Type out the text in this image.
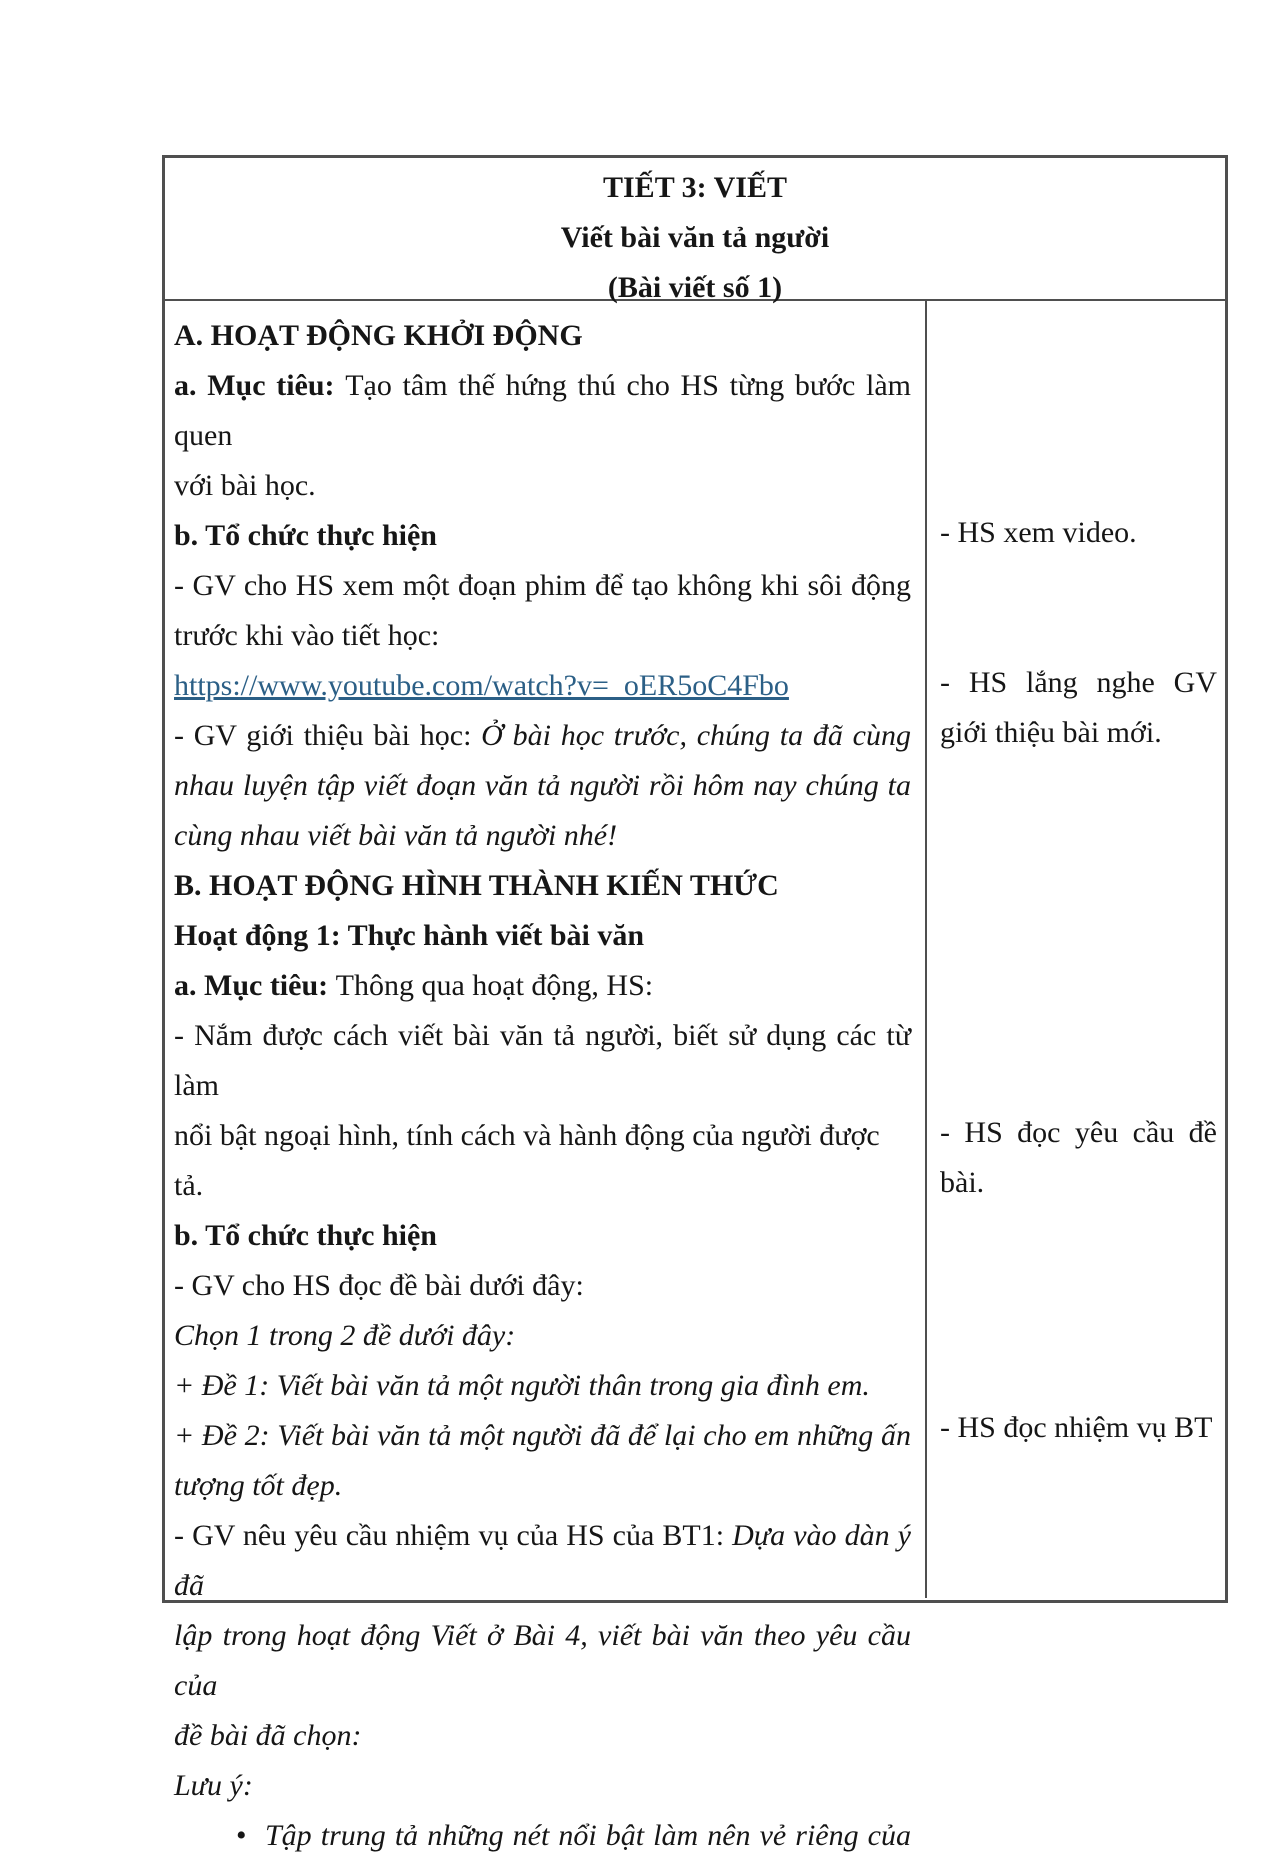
TIẾT 3: VIẾT
Viết bài văn tả người
(Bài viết số 1)
A. HOẠT ĐỘNG KHỞI ĐỘNG
a. Mục tiêu: Tạo tâm thế hứng thú cho HS từng bước làm quen
với bài học.
b. Tổ chức thực hiện
- GV cho HS xem một đoạn phim để tạo không khi sôi động
trước khi vào tiết học:
https://www.youtube.com/watch?v=_oER5oC4Fbo
- GV giới thiệu bài học: Ở bài học trước, chúng ta đã cùng
nhau luyện tập viết đoạn văn tả người rồi hôm nay chúng ta
cùng nhau viết bài văn tả người nhé!
B. HOẠT ĐỘNG HÌNH THÀNH KIẾN THỨC
Hoạt động 1: Thực hành viết bài văn
a. Mục tiêu: Thông qua hoạt động, HS:
- Nắm được cách viết bài văn tả người, biết sử dụng các từ làm
nổi bật ngoại hình, tính cách và hành động của người được tả.
b. Tổ chức thực hiện
- GV cho HS đọc đề bài dưới đây:
Chọn 1 trong 2 đề dưới đây:
+ Đề 1: Viết bài văn tả một người thân trong gia đình em.
+ Đề 2: Viết bài văn tả một người đã để lại cho em những ấn
tượng tốt đẹp.
- GV nêu yêu cầu nhiệm vụ của HS của BT1: Dựa vào dàn ý đã
lập trong hoạt động Viết ở Bài 4, viết bài văn theo yêu cầu của
đề bài đã chọn:
Lưu ý:
• Tập trung tả những nét nổi bật làm nên vẻ riêng của
- HS xem video.
- HS lắng nghe GV giới thiệu bài mới.
- HS đọc yêu cầu đề bài.
- HS đọc nhiệm vụ BT
